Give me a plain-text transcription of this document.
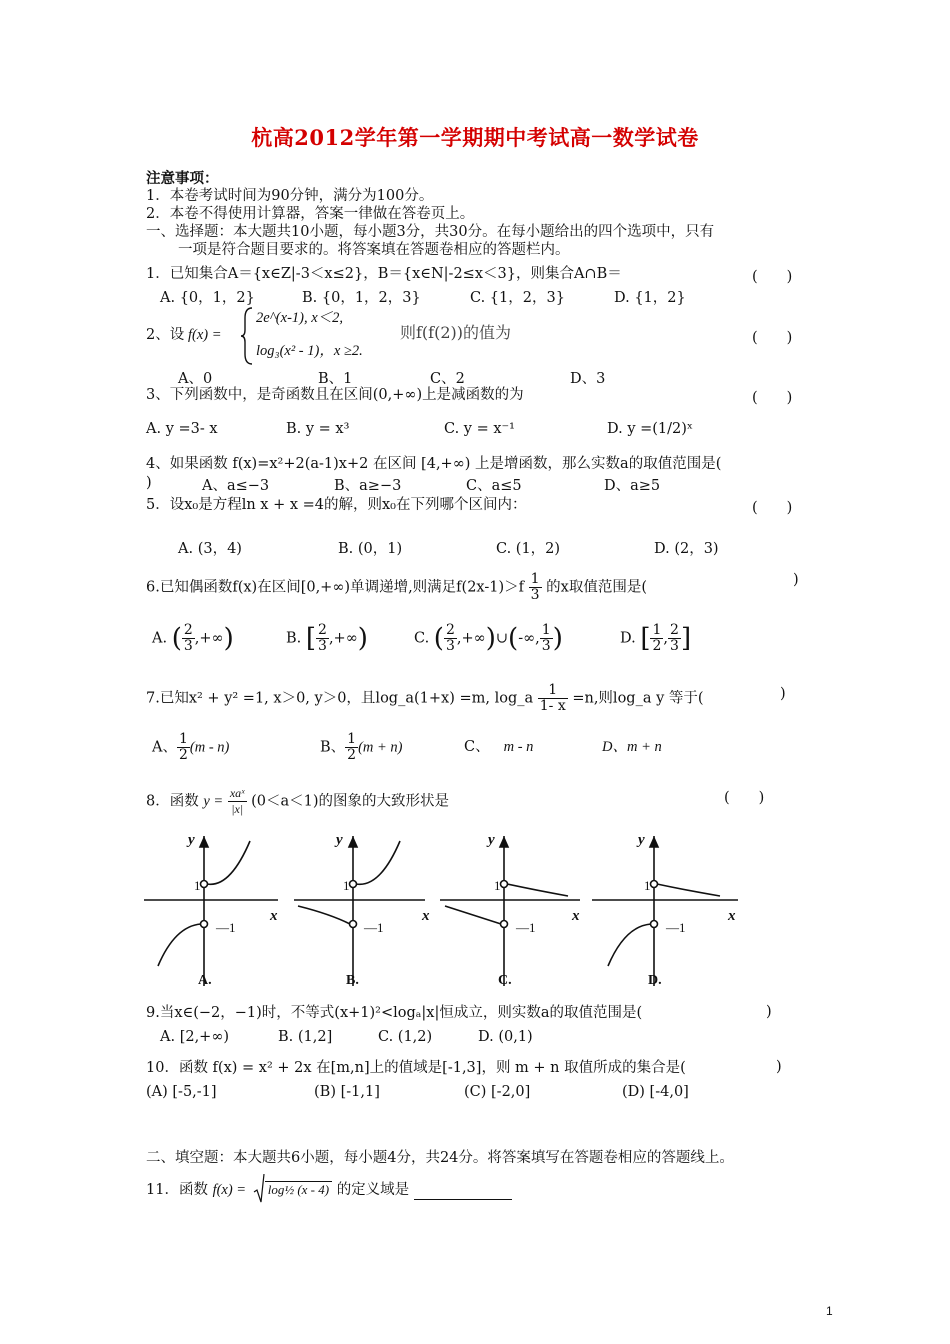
杭高2012学年第一学期期中考试高一数学试卷
注意事项：
1．本卷考试时间为90分钟，满分为100分。
2．本卷不得使用计算器，答案一律做在答卷页上。
一、选择题：本大题共10小题，每小题3分，共30分。在每小题给出的四个选项中，只有
一项是符合题目要求的。将答案填在答题卷相应的答题栏内。
1．已知集合A＝{x∈Z|-3＜x≤2}，B＝{x∈N|-2≤x＜3}，则集合A∩B＝	(　　)
A. {0，1，2}	B. {0，1，2，3}	C. {1，2，3}	D. {1，2}
2、设 f(x) =
2e^(x-1), x＜2,
log₃(x² - 1)，x ≥2.
则f(f(2))的值为	(　　)
A、0	B、1	C、2	D、3
3、下列函数中，是奇函数且在区间(0,+∞)上是减函数的为	(　　)
A. y =3- x	B. y = x³	C. y = x⁻¹	D. y =(1/2)ˣ
4、如果函数 f(x)=x²+2(a-1)x+2 在区间 [4,+∞) 上是增函数，那么实数a的取值范围是(
)	A、a≤−3	B、a≥−3	C、a≤5	D、a≥5
5．设x₀是方程ln x + x =4的解，则x₀在下列哪个区间内：	(　　)
A. (3，4)	B. (0，1)	C. (1，2)	D. (2，3)
6.已知偶函数f(x)在区间[0,+∞)单调递增,则满足$f(2x-1)>f \frac{1}{3}$ 的x取值范围是(	)
A. ( $\frac{2}{3}$ ,+∞)	B. [ $\frac{2}{3}$ ,+∞)	C. ( $\frac{2}{3}$ ,+∞)∪(-∞, $\frac{1}{3}$ )	D. [ $\frac{1}{2}$ , $\frac{2}{3}$ ]
7.已知x² + y² =1, x＞0, y＞0，且log_a(1+x) =m, log_a $\frac{1}{1- x} =n$,则log_a y 等于(	)
A、 $\frac{1}{2} (m - n)$	B、 $\frac{1}{2} (m + n)$	C、 m - n	D、m + n
8．函数 $y = \frac{\text{xaˣ}}{|x|} (0<a<1)$的图象的大致形状是	(　　)
y
x
y
x
y
x
y
x
1
—1
1
—1
1
—1
1
—1
A.	B.	C.	D.
9.当x∈(−2，−1)时，不等式(x+1)²<logₐ|x|恒成立，则实数a的取值范围是(	)
A. [2,+∞)	B. (1,2]	C. (1,2)	D. (0,1)
10．函数 f(x) = x² + 2x 在[m,n]上的值域是[-1,3]，则 m + n 取值所成的集合是(	)
(A) [-5,-1]	(B) [-1,1]	(C) [-2,0]	(D) [-4,0]
二、填空题：本大题共6小题，每小题4分，共24分。将答案填写在答题卷相应的答题线上。
11．函数 f(x) = log½ (x - 4) 的定义域是
1
